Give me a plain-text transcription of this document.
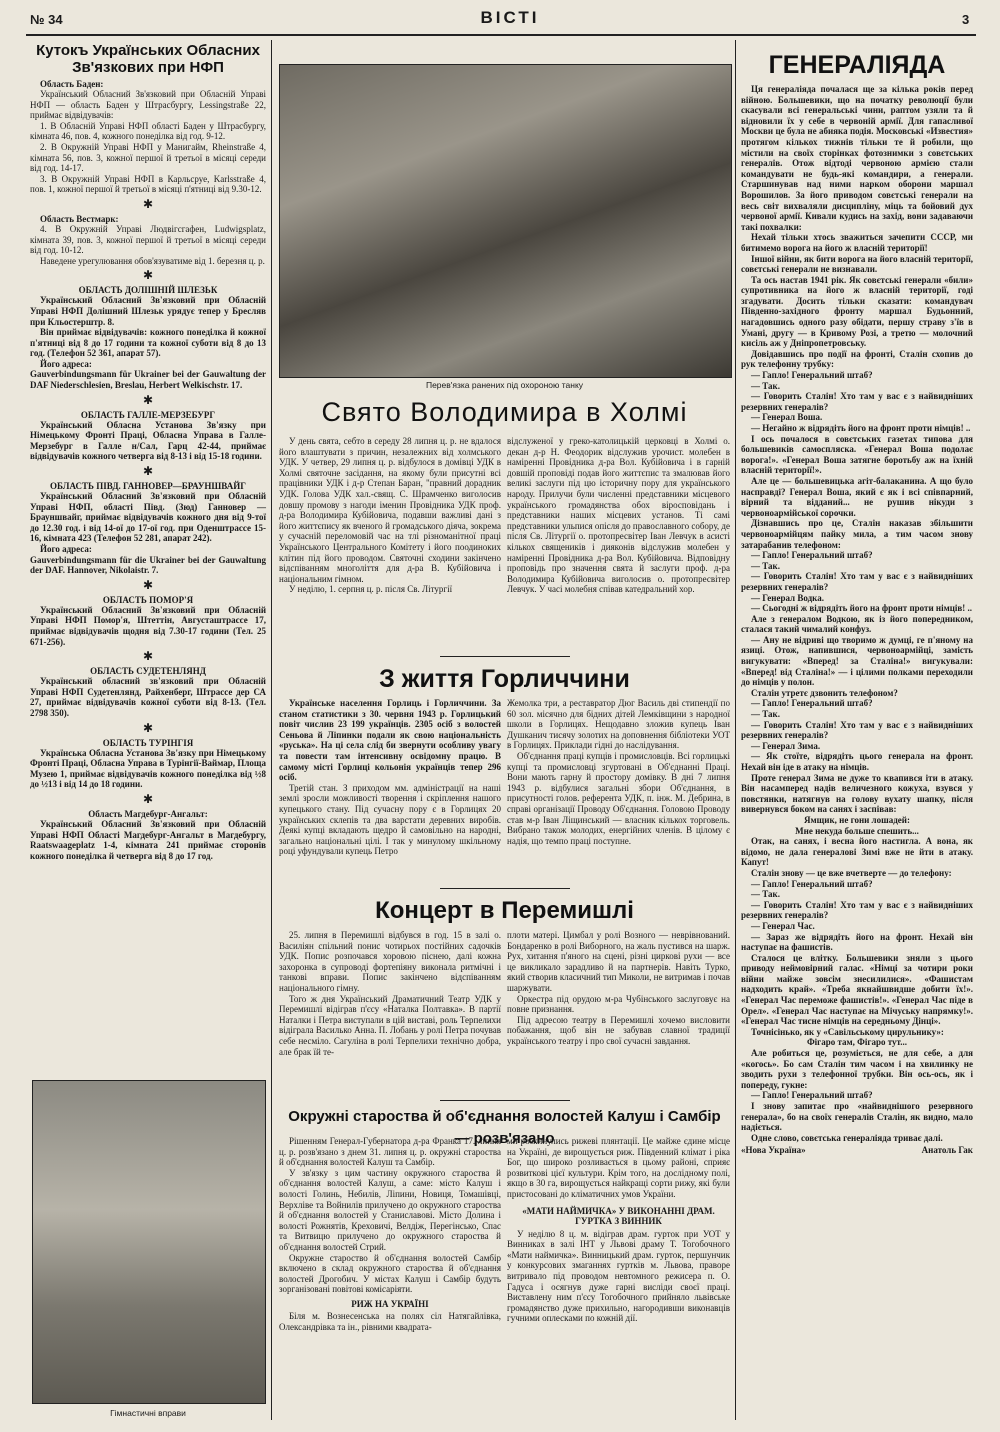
№ 34	ВІСТІ	3
Кутокъ Українських Обласних Зв'язкових при НФП
Область Баден:

Український Обласний Зв'язковий при Обласній Управі НФП — область Баден у Штрасбургу, Lessingstraße 22, приймає відвідувачів:

1. В Обласній Управі НФП області Баден у Штрасбургу, кімната 46, пов. 4, кожного понеділка від год. 9-12.

2. В Окружній Управі НФП у Манигайм, Rheinstraße 4, кімната 56, пов. 3, кожної першої й третьої в місяці середи від год. 14-17.

3. В Окружній Управі НФП в Карльсруе, Karlsstraße 4, пов. 1, кожної першої й третьої в місяці п'ятниці від 9.30-12.

✱
Область Вестмарк:

4. В Окружній Управі Людвігсгафен, Ludwigsplatz, кімната 39, пов. 3, кожної першої й третьої в місяці середи від год. 10-12.

Наведене урегулювання обов'язуватиме від 1. березня ц. р.

✱
ОБЛАСТЬ ДОЛІШНІЙ ШЛЕЗЬК

Український Обласний Зв'язковий при Обласній Управі НФП Долішний Шлезьк урядує тепер у Бресляв при Кльостерштр. 8.

Він приймає відвідувачів: кожного понеділка й кожної п'ятниці від 8 до 17 години та кожної суботи від 8 до 13 год. (Телефон 52 361, апарат 57).

Його адреса:

Gauverbindungsmann für Ukrainer bei der Gauwaltung der DAF Niederschlesien, Breslau, Herbert Welkischstr. 17.

✱
ОБЛАСТЬ ГАЛЛЕ-МЕРЗЕБУРГ

Український Обласна Установа Зв'язку при Німецькому Фронті Праці, Обласна Управа в Галле-Мерзебург в Галле н/Сал, Гарц 42-44, приймає відвідувачів кожного четверга від 8-13 і від 15-18 години.

✱
ОБЛАСТЬ ПІВД. ГАННОВЕР—БРАУНШВАЙГ

Український Обласний Зв'язковий при Обласній Управі НФП, області Півд. (Зюд) Ганновер — Брауншвайг, приймає відвідувачів кожного дня від 9-тої до 12.30 год. і від 14-ої до 17-ої год. при Оденштрассе 15-16, кімната 423 (Телефон 52 281, апарат 242).

Його адреса:

Gauverbindungsmann für die Ukrainer bei der Gauwaltung der DAF. Hannover, Nikolaistr. 7.

✱
ОБЛАСТЬ ПОМОР'Я

Український Обласний Зв'язковий при Обласній Управі НФП Помор'я, Штеттін, Августаштрассе 17, приймає відвідувачів щодня від 7.30-17 години (Тел. 25 671-256).

✱
ОБЛАСТЬ СУДЕТЕНЛЯНД

Український обласний зв'язковий при Обласній Управі НФП Судетенлянд, Райхенберг, Штрассе дер СА 27, приймає відвідувачів кожної суботи від 8-13. (Тел. 2798 350).

✱
ОБЛАСТЬ ТУРІНГІЯ

Українська Обласна Установа Зв'язку при Німецькому Фронті Праці, Обласна Управа в Турінгії-Ваймар, Площа Музею 1, приймає відвідувачів кожного понеділка від ½8 до ½13 і від 14 до 18 години.

✱
Область Магдебург-Ангальт:

Український Обласний Зв'язковий при Обласній Управі НФП Області Магдебург-Ангальт в Магдебургу, Raatswaageplatz 1-4, кімната 241 приймає сторонів кожного понеділка й четверга від 8 до 17 год.

Гімнастичні вправи
Перев'язка ранених під охороною танку
Свято Володимира в Холмі

У день свята, себто в середу 28 липня ц. р. не вдалося його влаштувати з причин, незалежних від холмського УДК. У четвер, 29 липня ц. р. відбулося в домівці УДК в Холмі святочне засідання, на якому були присутні всі працівники УДК і д-р Степан Баран, "правний дорадник УДК. Голова УДК хал.-свящ. С. Шрамченко виголосив довшу промову з нагоди іменин Провідника УДК проф. д-ра Володимира Кубійовича, подавши важливі дані з його життєпису як вченого й громадського діяча, зокрема у сучасній переломовій час на тлі різноманітної праці Українського Центрального Комітету і його поодиноких клітин під його проводом. Святочні сходини закінчено відспіванням многоліття для д-ра В. Кубійовича і національним гімном.

У неділю, 1. серпня ц. р. після Св. Літургії

відслуженої у греко-католицькій церковці в Холмі о. декан д-р Н. Феодорик відслужив урочист. молебен в наміренні Провідника д-ра Вол. Кубійовича і в гарній довшій проповіді подав його життєпис та змалював його великі заслуги під цю історичну пору для українського народу. Прилучи були численні представники місцевого українського громадянства обох віросповідань і представники наших місцевих установ. Ті самі представники ульпися опісля до православного собору, де після Св. Літургії о. протопресвітер Іван Левчук в асисті кількох священиків і дияконів відслужив молебен у наміренні Провідника д-ра Вол. Кубійовича. Відповідну проповідь про значення свята й заслуги проф. д-ра Володимира Кубійовича виголосив о. протопресвітер Левчук. У часі молебня співав катедральний хор.

З життя Горличчини

Українське населення Горлиць і Горличчини. За станом статистики з 30. червня 1943 р. Горлицький повіт числив 23 199 українців. 2305 осіб з волостей Сеньова й Ліпинки подали як свою національність «руська». На ці села слід би звернути особливу увагу та повести там інтенсивну освідомну працю. В самому місті Горлиці кольонія українців тепер 296 осіб.

Третій стан. З приходом мм. адміністрації на наші землі зросли можливості творення і скріплення нашого купецького стану. Під сучасну пору є в Горлицях 20 українських склепів та два варстати деревних виробів. Деякі купці вкладають щедро й самовільно на народні, загально національні цілі. І так у минулому шкільному році уфундували купець Петро

Жемолка три, а реставратор Дюг Василь дві стипендії по 60 зол. місячно для бідних дітей Лемківщини з народної школи в Горлицях. Нещодавно зложив купець Іван Душканич тисячу золотих на доповнення бібліотеки УОТ в Горлицях. Приклади гідні до наслідування.

Об'єднання праці купців і промисловців. Всі горлицькі купці та промисловці згуртовані в Об'єднанні Праці. Вони мають гарну й простору домівку. В дні 7 липня 1943 р. відбулися загальні збори Об'єднання, в присутності голов. референта УДК, п. інж. М. Дебрина, в справі організації Проводу Об'єднання. Головою Проводу став м-р Іван Ліщинський — власник кількох торговель. Вибрано також молодих, енергійних членів. В цілому є надія, що темпо праці поступне.

Концерт в Перемишлі

25. липня в Перемишлі відбувся в год. 15 в залі о. Василіян спільний понис чотирьох постійних садочків УДК. Попис розпочався хоровою піснею, далі кожна захоронка в супроводі фортепіяну виконала ритмічні і танкові вправи. Попис закінчено відспіванням національного гімну.

Того ж дня Український Драматичний Театр УДК у Перемишлі відіграв п'єсу «Наталка Полтавка». В партії Наталки і Петра виступали в цій виставі, роль Терпелихи відіграла Василько Анна. П. Лобань у ролі Петра почував себе несміло. Сагуліна в ролі Терпелихи технічно добра, але брак їй те-

плоти матері. Цимбал у ролі Возного — неврівнований. Бондаренко в ролі Виборного, на жаль пустився на шарж. Рух, хитання п'яного на сцені, різні циркові рухи — все це викликало зарадливо й на партнерів. Навіть Турко, який створив класичний тип Миколи, не витримав і почав шаржувати.

Оркестра під орудою м-ра Чубінського заслуговує на повне признання.

Під адресою театру в Перемишлі хочемо висловити побажання, щоб він не забував славної традиції українського театру і про свої сучасні завдання.

Окружні староства й об'єднання волостей Калуш і Самбір — розв'язано

Рішенням Генерал-Губернатора д-ра Франка 17. липня ц. р. розв'язано з днем 31. липня ц. р. окружні староства й об'єднання волостей Калуш та Самбір.

У зв'язку з цим частину окружного староства й об'єднання волостей Калуш, а саме: місто Калуш і волості Голинь, Небилів, Ліпини, Новиця, Томашівці, Верхліве та Войнилів прилучено до окружного староства й об'єднання волостей у Станиславові. Місто Долина і волості Рожнятів, Креховичі, Велдіж, Перегінсько, Спас та Витвицю прилучено до окружного староства й об'єднання волостей Стрий.

Окружне староство й об'єднання волостей Самбір включено в склад окружного староства й об'єднання волостей Дрогобич. У містах Калуш і Самбір будуть зорганізовані повітові комісаріяти.

РИЖ НА УКРАЇНІ

Біля м. Вознесенська на полях сіл Натягайлівка, Олександрівка та ін., рівними квадрата-

ми розкинулись рижеві плянтації. Це майже єдине місце на Україні, де вирощується риж. Південний клімат і ріка Бог, що широко розливається в цьому районі, сприяє розвиткові цієї культури. Крім того, на дослідному полі, якщо в 30 га, вирощується найкращі сорти рижу, які були пристосовані до кліматичних умов України.

«МАТИ НАЙМИЧКА» У ВИКОНАННІ ДРАМ. ГУРТКА З ВИННИК

У неділю 8 ц. м. відіграв драм. гурток при УОТ у Винниках в залі ІНТ у Львові драму Т. Тогобочного «Мати наймичка». Винницький драм. гурток, першунчик у конкурсових змаганнях гуртків м. Львова, праворе витривало під проводом невтомного режисера п. О. Гадуса і осягнув дуже гарні висліди своєї праці. Виставлену ним п'єсу Тогобочного прийняло львівське громадянство дуже прихильно, нагородивши виконавців гучними оплесками по кожній дії.

ГЕНЕРАЛІЯДА

Ця генераліяда почалася ще за кілька років перед війною. Большевики, що на початку революції були скасували всі генеральські чини, раптом узяли та й відновили їх у себе в червоній армії. Для гапасливої Москви це була не абияка подія. Московські «Известия» протягом кількох тижнів тільки те й робили, що містили на своїх сторінках фотознимки з совєтських генералів. Отож відтоді червоною армією стали командувати не будь-які командири, а генерали. Старшинував над ними нарком оборони маршал Ворошилов. За його приводом совєтські генерали на весь світ вихваляли дисципліну, міць та бойовий дух червоної армії. Кивали кудись на захід, вони задаваючи такі похвалки:

Нехай тільки хтось зважиться зачепити СССР, ми битимемо ворога на його ж власній території!

Іншої війни, як бити ворога на його власній території, совєтські генерали не визнавали.

Та ось настав 1941 рік. Як совєтські генерали «били» супротивника на його ж власній території, годі згадувати. Досить тільки сказати: командувач Південно-західного фронту маршал Будьонний, нагадовшись одного разу обідати, першу страву з'їв в Умані, другу — в Кривому Розі, а третю — молочний кисіль аж у Дніпропетровську.

Довідавшись про події на фронті, Сталін схопив до рук телефонну трубку:

— Гапло! Генеральний штаб?

— Так.

— Говорить Сталін! Хто там у вас є з найвидніших резервних генералів?

— Генерал Воша.

— Негайно ж відрядіть його на фронт проти німців! ..

І ось почалося в совєтських газетах типова для большевиків самоспляска. «Генерал Воша подолає ворога!». «Генерал Воша затягне боротьбу аж на їхній власній території!».

Але це — большевицька агіт-балаканина. А що було насправді? Генерал Воша, який є як і всі співпарний, вірний та відданий... не рушив нікуди з червоноармійської сорочки.

Дізнавшись про це, Сталін наказав збільшити червоноармійцям пайку мила, а тим часом знову затарабанив телефоном:

— Гапло! Генеральний штаб?

— Так.

— Говорить Сталін! Хто там у вас є з найвидніших резервних генералів?

— Генерал Водка.

— Сьогодні ж відрядіть його на фронт проти німців! ..

Але з генералом Водкою, як із його попередником, сталася такий чималий конфуз.

— Ану не відриві що творимо ж думці, ге п'яному на язиці. Отож, напившися, червоноармійці, замість вигукувати: «Вперед! за Сталіна!» вигукували: «Вперед! від Сталіна!» — і цілими полками переходили до німців у полон.

Сталін утретє дзвонить телефоном?

— Гапло! Генеральний штаб?

— Так.

— Говорить Сталін! Хто там у вас є з найвидніших резервних генералів?

— Генерал Зима.

— Як стоїте, відрядіть цього генерала на фронт. Нехай він іде в атаку на німців.

Проте генерал Зима не дуже то квапився іти в атаку. Він насамперед надів величезного кожуха, взувся у повстянки, натягнув на голову вухату шапку, після вивернувся боком на санях і заспівав:

Ямщик, не гони лошадей:
Мне некуда больше спешить...

Отак, на санях, і весна його настигла. А вона, як відомо, не дала генералові Зимі вже не йти в атаку. Капут!

Сталін знову — це вже вчетверте — до телефону:

— Гапло! Генеральний штаб?

— Так.

— Говорить Сталін! Хто там у вас є з найвидніших резервних генералів?

— Генерал Час.

— Зараз же відрядіть його на фронт. Нехай він наступає на фашистів.

Сталося це влітку. Большевики зняли з цього приводу неймовірний галас. «Німці за чотири роки війни майже зовсім знесилилися». «Фашистам надходить край». «Треба якнайшвидше добити їх!». «Генерал Час переможе фашистів!». «Генерал Час піде в Орел». «Генерал Час наступає на Мічуську напрямку!». «Генерал Час тисне німців на середньому Дінці».

Точнісінько, як у «Савільському цирульнику»:

Фігаро там, Фігаро тут...

Але робиться це, розуміється, не для себе, а для «когось». Бо сам Сталін тим часом і на хвилинку не зводить рухи з телефонної трубки. Він ось-ось, як і попереду, гукне:

— Гапло! Генеральний штаб?

І знову запитає про «найвиднішого резервного генерала», бо на своїх генералів Сталін, як видно, мало надіється.

Одне слово, совєтська генераліяда триває далі.

«Нова Україна»	Анатоль Гак
